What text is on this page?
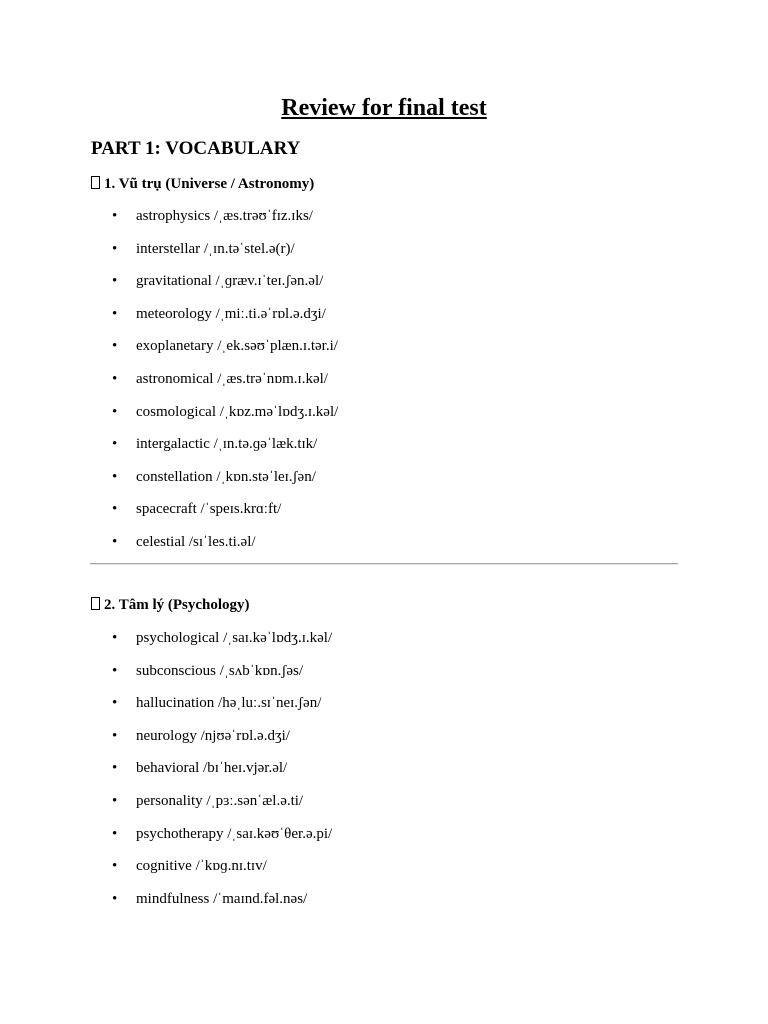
Review for final test
PART 1: VOCABULARY
1. Vũ trụ (Universe / Astronomy)
• astrophysics /ˌæs.trəʊˈfɪz.ɪks/
• interstellar /ˌɪn.təˈstel.ə(r)/
• gravitational /ˌɡræv.ɪˈteɪ.ʃən.əl/
• meteorology /ˌmiː.ti.əˈrɒl.ə.dʒi/
• exoplanetary /ˌek.səʊˈplæn.ɪ.tər.i/
• astronomical /ˌæs.trəˈnɒm.ɪ.kəl/
• cosmological /ˌkɒz.məˈlɒdʒ.ɪ.kəl/
• intergalactic /ˌɪn.tə.ɡəˈlæk.tɪk/
• constellation /ˌkɒn.stəˈleɪ.ʃən/
• spacecraft /ˈspeɪs.krɑːft/
• celestial /sɪˈles.ti.əl/
2. Tâm lý (Psychology)
• psychological /ˌsaɪ.kəˈlɒdʒ.ɪ.kəl/
• subconscious /ˌsʌbˈkɒn.ʃəs/
• hallucination /həˌluː.sɪˈneɪ.ʃən/
• neurology /njʊəˈrɒl.ə.dʒi/
• behavioral /bɪˈheɪ.vjər.əl/
• personality /ˌpɜː.sənˈæl.ə.ti/
• psychotherapy /ˌsaɪ.kəʊˈθer.ə.pi/
• cognitive /ˈkɒɡ.nɪ.tɪv/
• mindfulness /ˈmaɪnd.fəl.nəs/
